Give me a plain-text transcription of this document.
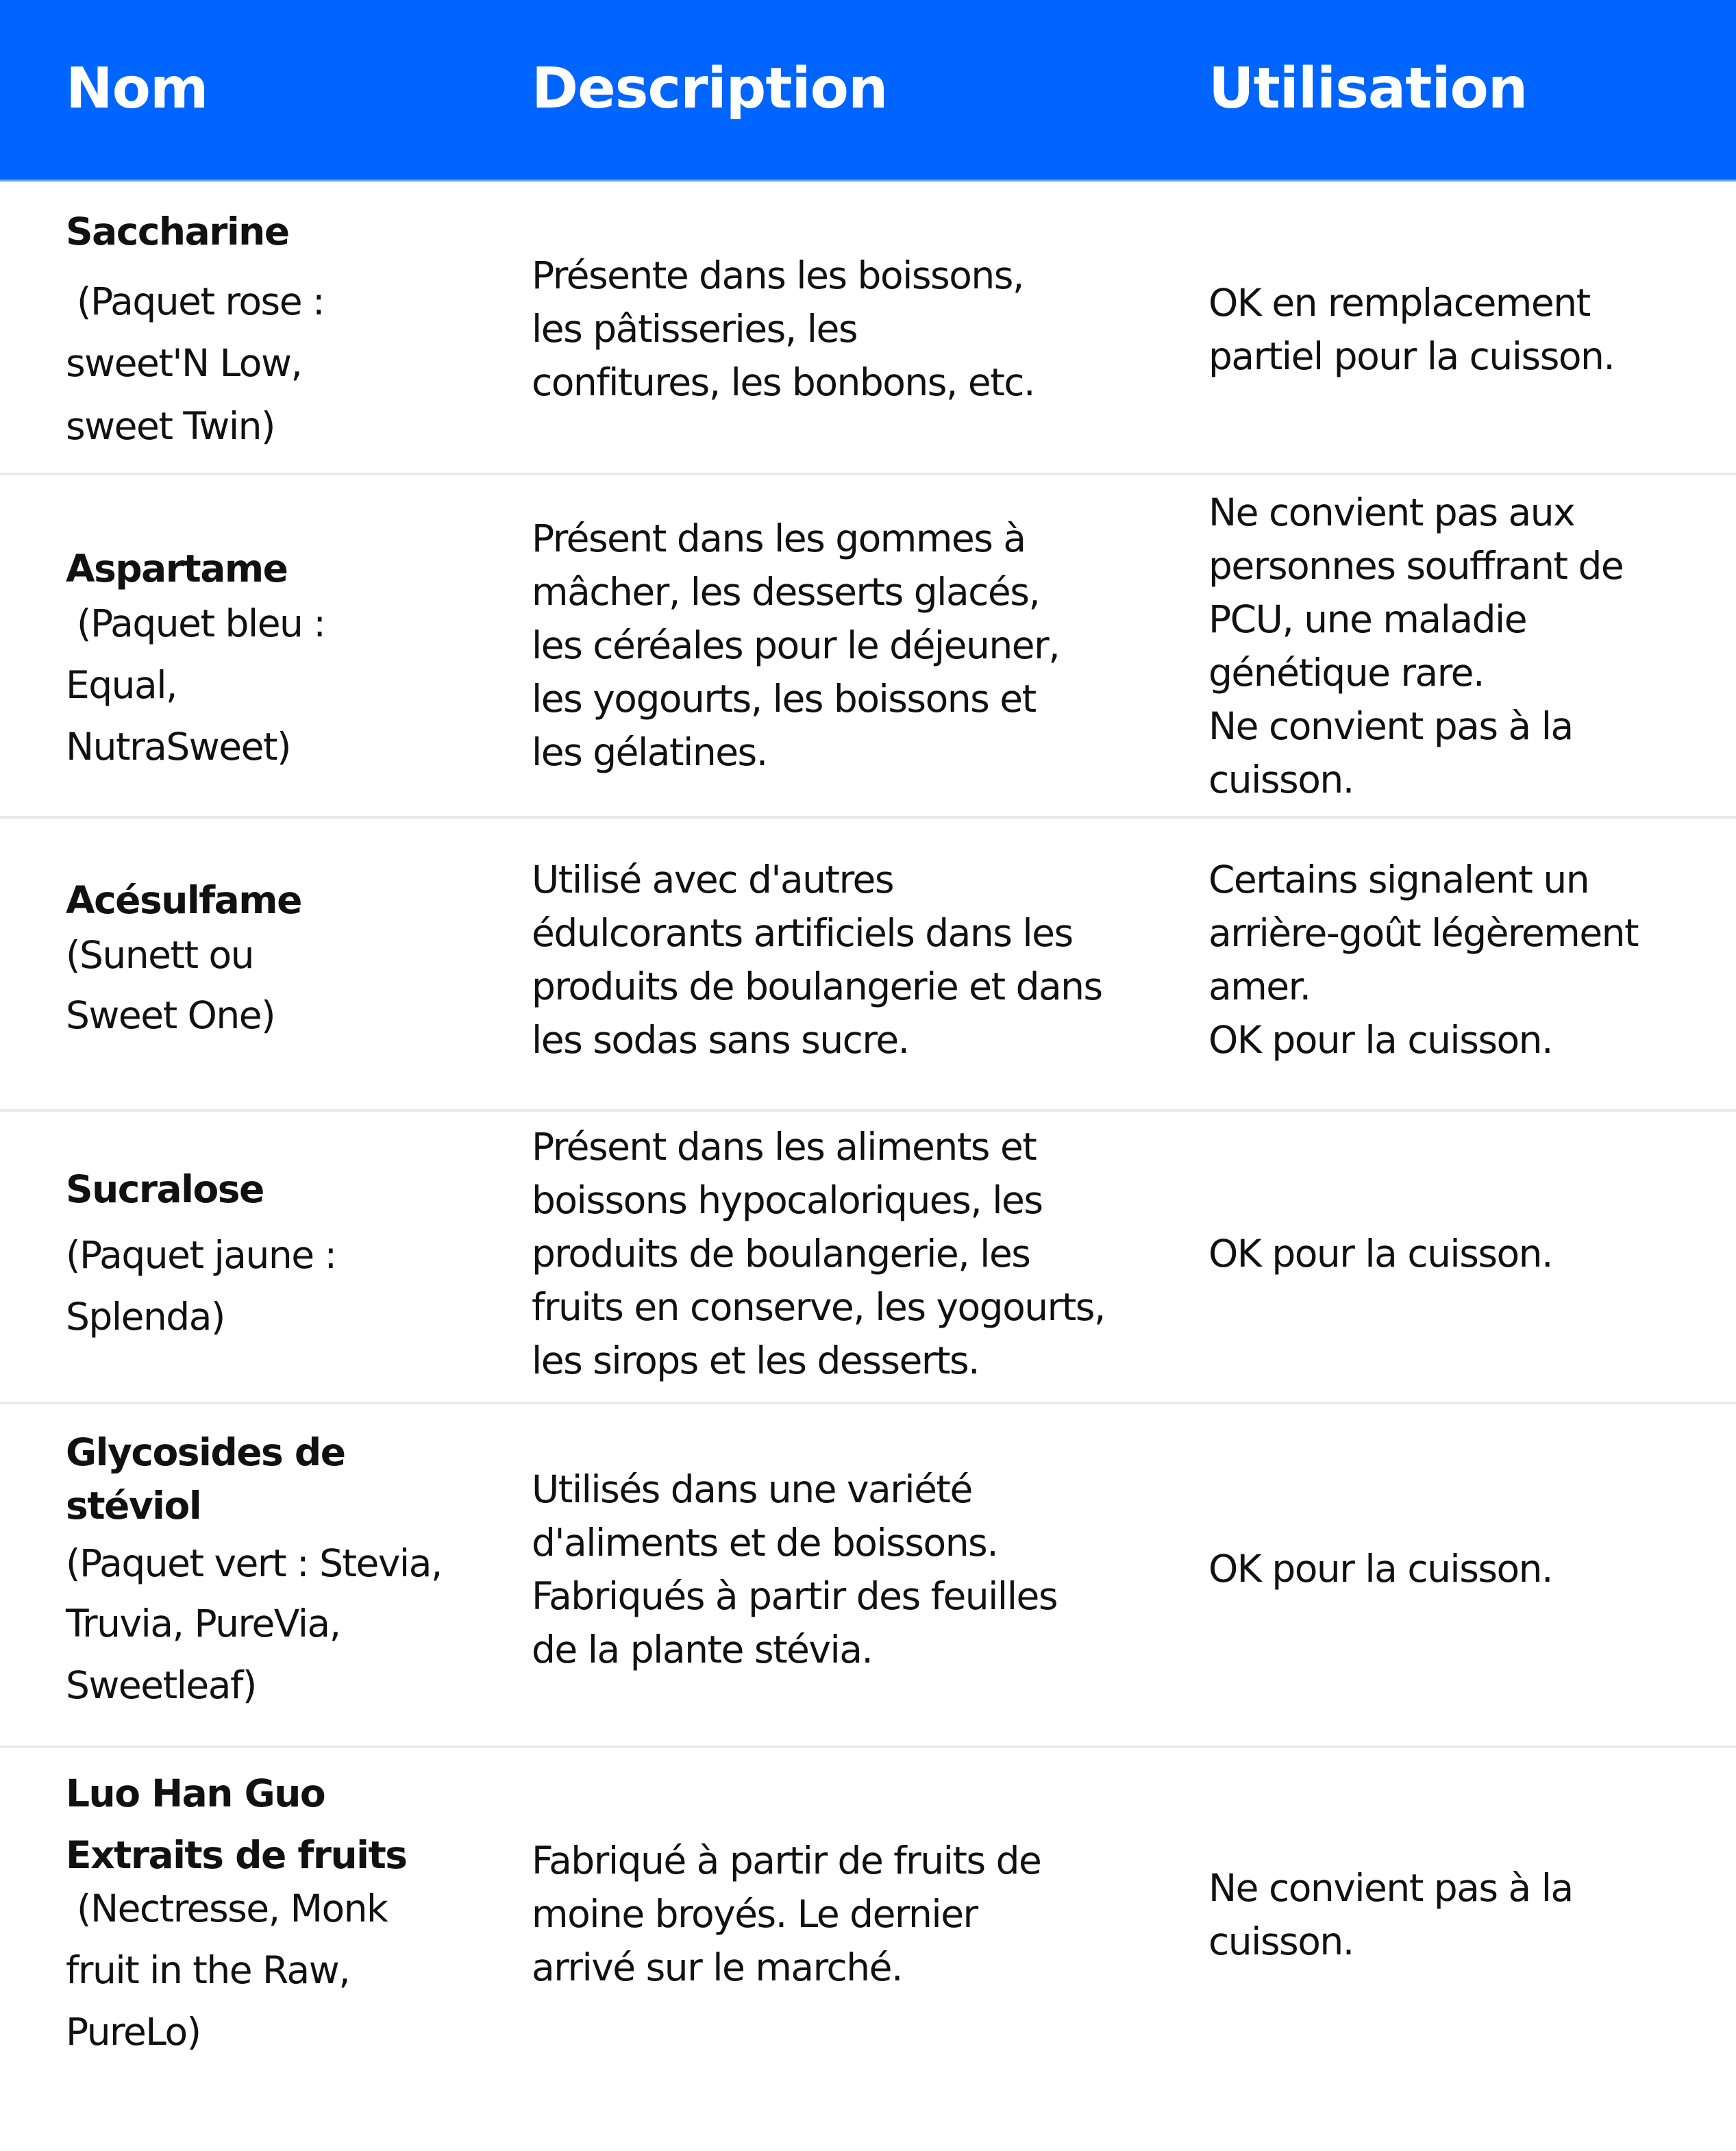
Nom	Description	Utilisation
Saccharine
(Paquet rose :
sweet'N Low,
sweet Twin)
Présente dans les boissons,
les pâtisseries, les
confitures, les bonbons, etc.
OK en remplacement
partiel pour la cuisson.
Aspartame
(Paquet bleu :
Equal,
NutraSweet)
Présent dans les gommes à
mâcher, les desserts glacés,
les céréales pour le déjeuner,
les yogourts, les boissons et
les gélatines.
Ne convient pas aux
personnes souffrant de
PCU, une maladie
génétique rare.
Ne convient pas à la
cuisson.
Acésulfame
(Sunett ou
Sweet One)
Utilisé avec d'autres
édulcorants artificiels dans les
produits de boulangerie et dans
les sodas sans sucre.
Certains signalent un
arrière-goût légèrement
amer.
OK pour la cuisson.
Sucralose
(Paquet jaune :
Splenda)
Présent dans les aliments et
boissons hypocaloriques, les
produits de boulangerie, les
fruits en conserve, les yogourts,
les sirops et les desserts.
OK pour la cuisson.
Glycosides de
stéviol
(Paquet vert : Stevia,
Truvia, PureVia,
Sweetleaf)
Utilisés dans une variété
d'aliments et de boissons.
Fabriqués à partir des feuilles
de la plante stévia.
OK pour la cuisson.
Luo Han Guo
Extraits de fruits
(Nectresse, Monk
fruit in the Raw,
PureLo)
Fabriqué à partir de fruits de
moine broyés. Le dernier
arrivé sur le marché.
Ne convient pas à la
cuisson.
